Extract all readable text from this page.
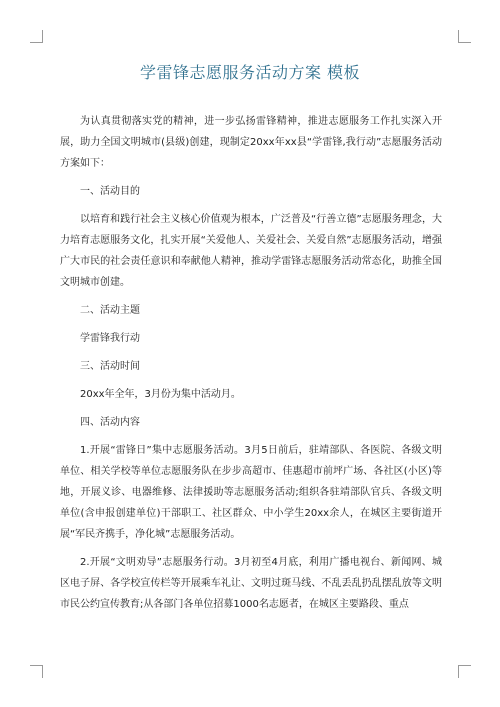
学雷锋志愿服务活动方案 模板

为认真贯彻落实党的精神，进一步弘扬雷锋精神，推进志愿服务工作扎实深入开展，助力全国文明城市(县级)创建，现制定20xx年xx县“学雷锋,我行动”志愿服务活动方案如下：

一、活动目的

以培育和践行社会主义核心价值观为根本，广泛普及“行善立德”志愿服务理念，大力培育志愿服务文化，扎实开展“关爱他人、关爱社会、关爱自然”志愿服务活动，增强广大市民的社会责任意识和奉献他人精神，推动学雷锋志愿服务活动常态化，助推全国文明城市创建。

二、活动主题

学雷锋我行动

三、活动时间

20xx年全年，3月份为集中活动月。

四、活动内容

1.开展“雷锋日”集中志愿服务活动。3月5日前后，驻靖部队、各医院、各级文明单位、相关学校等单位志愿服务队在步步高超市、佳惠超市前坪广场、各社区(小区)等地，开展义诊、电器维修、法律援助等志愿服务活动;组织各驻靖部队官兵、各级文明单位(含申报创建单位)干部职工、社区群众、中小学生20xx余人，在城区主要街道开展“军民齐携手，净化城”志愿服务活动。

2.开展“文明劝导”志愿服务行动。3月初至4月底，利用广播电视台、新闻网、城区电子屏、各学校宣传栏等开展乘车礼让、文明过斑马线、不乱丢乱扔乱摆乱放等文明市民公约宣传教育;从各部门各单位招募1000名志愿者，在城区主要路段、重点
